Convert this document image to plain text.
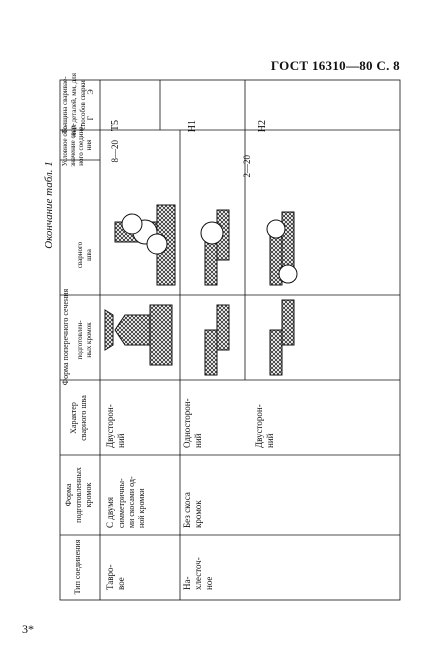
ГОСТ 16310—80 С. 8
3*
Окончание табл. 1
Тип соединения
Форма подготовленных кромок
Характер сварного шва
Форма поперечного сечения подготовлен- ных кромок
сварного шва
Толщина сваривае- мых деталей, мм, для способов сварки Г
Э
Условное обо- значение свар- ного соедине- ния
Тавро- вое
С двумя симметричны- ми скосами од- ной кромки
Двусторон- ний
8—20
Т5
На- хлесточ- ное
Без скоса кромок
Односторон- ний
2—20
Н1
Двусторон- ний
Н2
